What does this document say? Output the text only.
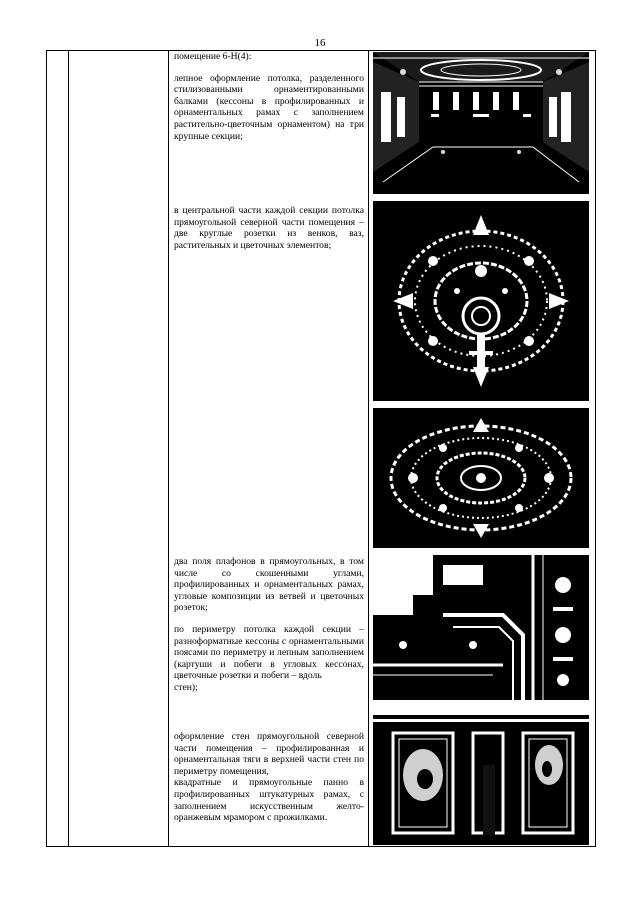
16

помещение 6-Н(4):

лепное оформление потолка, разделенного стилизованными орнаментированными балками (кессоны в профилированных и орнаментальных рамах с заполнением растительно-цветочным орнаментом) на три крупные секции;

в центральной части каждой секции потолка прямоугольной северной части помещения – две круглые розетки из венков, ваз, растительных и цветочных элементов;

два поля плафонов в прямоугольных, в том числе со скошенными углами, профилированных и орнаментальных рамах, угловые композиции из ветвей и цветочных розеток;

по периметру потолка каждой секции – разноформатные кессоны с орнаментальными поясами по периметру и лепным заполнением (картуши и побеги в угловых кессонах, цветочные розетки и побеги – вдоль

стен);

оформление стен прямоугольной северной части помещения – профилированная и орнаментальная тяги в верхней части стен по периметру помещения,

квадратные и прямоугольные панно в профилированных штукатурных рамах, с заполнением искусственным желто-оранжевым мрамором с прожилками.
